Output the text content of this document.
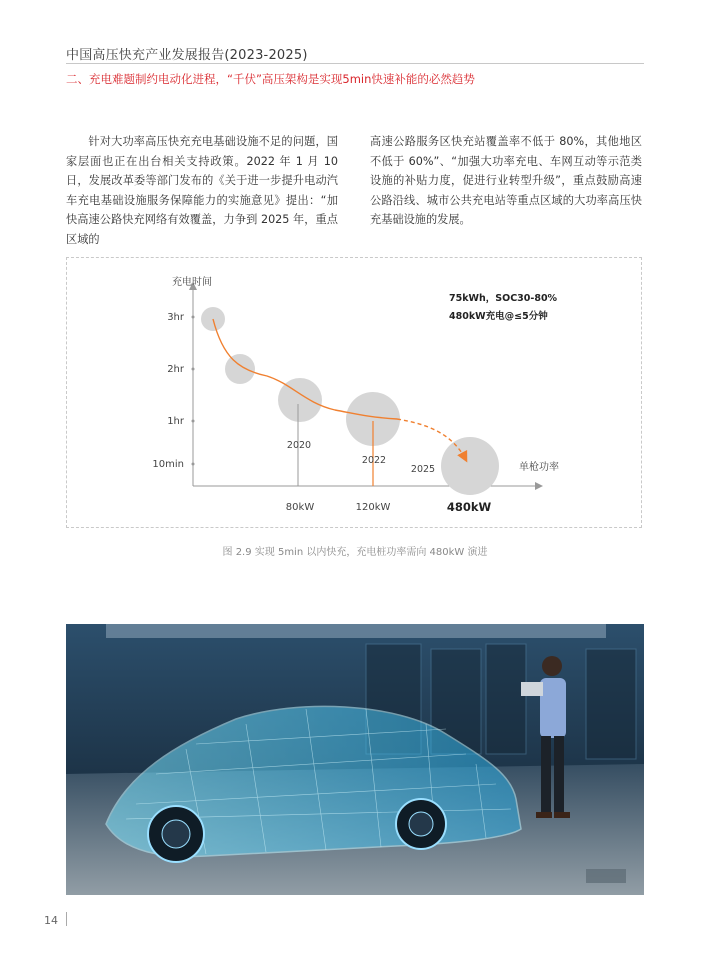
中国高压快充产业发展报告(2023-2025)
二、充电难题制约电动化进程，“千伏”高压架构是实现5min快速补能的必然趋势
针对大功率高压快充充电基础设施不足的问题，国家层面也正在出台相关支持政策。2022 年 1 月 10 日，发展改革委等部门发布的《关于进一步提升电动汽车充电基础设施服务保障能力的实施意见》提出：“加快高速公路快充网络有效覆盖，力争到 2025 年，重点区域的
高速公路服务区快充站覆盖率不低于 80%，其他地区不低于 60%”、“加强大功率充电、车网互动等示范类设施的补贴力度，促进行业转型升级”，重点鼓励高速公路沿线、城市公共充电站等重点区域的大功率高压快充基础设施的发展。
充电时间
单枪功率
3hr
2hr
1hr
10min
2020
2022
2025
80kW	120kW	480kW
75kWh，SOC30-80%
480kW充电@≤5分钟
图 2.9 实现 5min 以内快充，充电桩功率需向 480kW 演进
14
